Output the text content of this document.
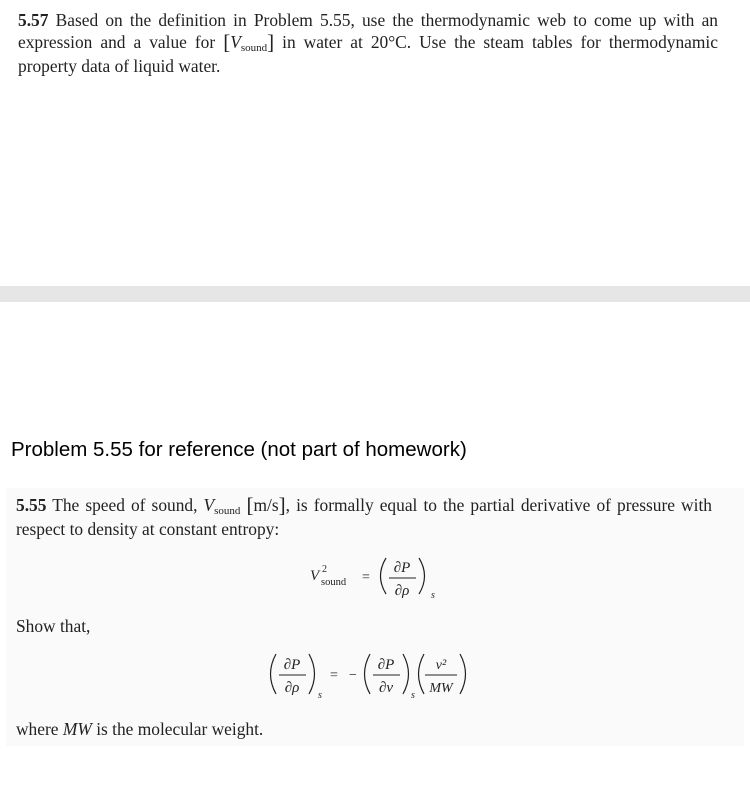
5.57 Based on the definition in Problem 5.55, use the thermodynamic web to come up with an expression and a value for [Vsound] in water at 20°C. Use the steam tables for thermodynamic property data of liquid water.
Problem 5.55 for reference (not part of homework)
5.55 The speed of sound, Vsound [m/s], is formally equal to the partial derivative of pressure with respect to density at constant entropy:
V 2
sound =
∂P
∂ρ s
Show that,
∂P
∂ρ s
= −
∂P
∂v s
v²
MW
where MW is the molecular weight.
